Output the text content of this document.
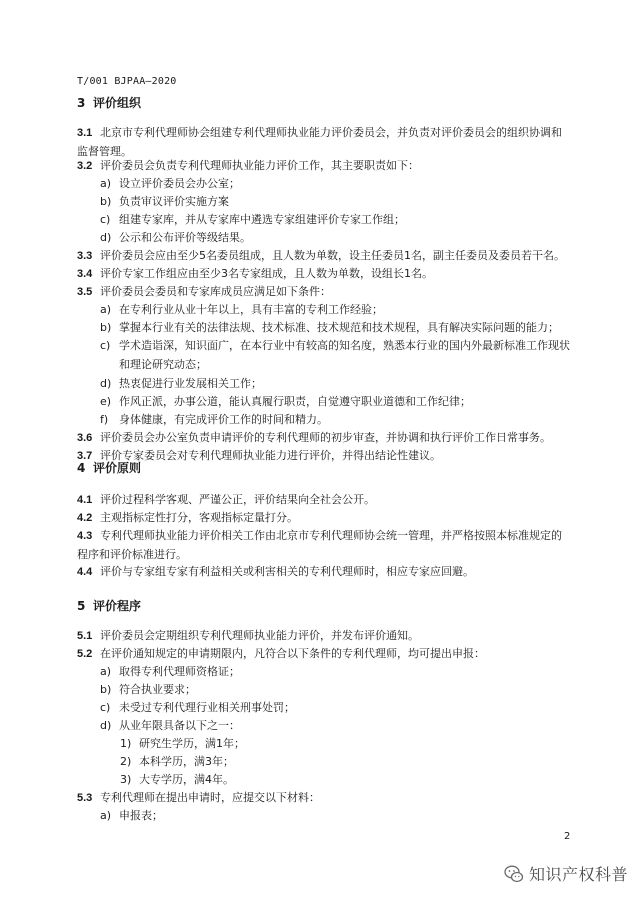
T/001 BJPAA—2020
3 评价组织
3.1 北京市专利代理师协会组建专利代理师执业能力评价委员会，并负责对评价委员会的组织协调和
监督管理。
3.2 评价委员会负责专利代理师执业能力评价工作，其主要职责如下：
a) 设立评价委员会办公室；
b) 负责审议评价实施方案
c) 组建专家库，并从专家库中遴选专家组建评价专家工作组；
d) 公示和公布评价等级结果。
3.3 评价委员会应由至少5名委员组成，且人数为单数，设主任委员1名，副主任委员及委员若干名。
3.4 评价专家工作组应由至少3名专家组成，且人数为单数，设组长1名。
3.5 评价委员会委员和专家库成员应满足如下条件：
a) 在专利行业从业十年以上，具有丰富的专利工作经验；
b) 掌握本行业有关的法律法规、技术标准、技术规范和技术规程，具有解决实际问题的能力；
c) 学术造诣深，知识面广，在本行业中有较高的知名度，熟悉本行业的国内外最新标准工作现状
和理论研究动态；
d) 热衷促进行业发展相关工作；
e) 作风正派，办事公道，能认真履行职责，自觉遵守职业道德和工作纪律；
f) 身体健康，有完成评价工作的时间和精力。
3.6 评价委员会办公室负责申请评价的专利代理师的初步审查，并协调和执行评价工作日常事务。
3.7 评价专家委员会对专利代理师执业能力进行评价，并得出结论性建议。
4 评价原则
4.1 评价过程科学客观、严谨公正，评价结果向全社会公开。
4.2 主观指标定性打分，客观指标定量打分。
4.3 专利代理师执业能力评价相关工作由北京市专利代理师协会统一管理，并严格按照本标准规定的
程序和评价标准进行。
4.4 评价与专家组专家有利益相关或利害相关的专利代理师时，相应专家应回避。
5 评价程序
5.1 评价委员会定期组织专利代理师执业能力评价，并发布评价通知。
5.2 在评价通知规定的申请期限内，凡符合以下条件的专利代理师，均可提出申报：
a) 取得专利代理师资格证；
b) 符合执业要求；
c) 未受过专利代理行业相关刑事处罚；
d) 从业年限具备以下之一：
1) 研究生学历，满1年；
2) 本科学历，满3年；
3) 大专学历，满4年。
5.3 专利代理师在提出申请时，应提交以下材料：
a) 申报表；
2
知识产权科普
